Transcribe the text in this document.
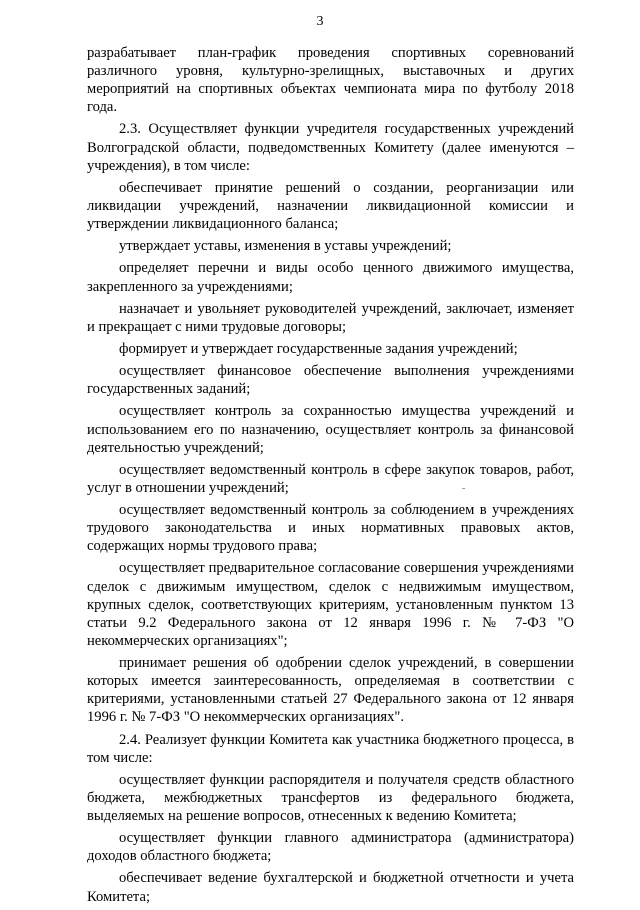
3

разрабатывает план-график проведения спортивных соревнований различного уровня, культурно-зрелищных, выставочных и других мероприятий на спортивных объектах чемпионата мира по футболу 2018 года.

2.3. Осуществляет функции учредителя государственных учреждений Волгоградской области, подведомственных Комитету (далее именуются – учреждения), в том числе:

обеспечивает принятие решений о создании, реорганизации или ликвидации учреждений, назначении ликвидационной комиссии и утверждении ликвидационного баланса;

утверждает уставы, изменения в уставы учреждений;

определяет перечни и виды особо ценного движимого имущества, закрепленного за учреждениями;

назначает и увольняет руководителей учреждений, заключает, изменяет и прекращает с ними трудовые договоры;

формирует и утверждает государственные задания учреждений;

осуществляет финансовое обеспечение выполнения учреждениями государственных заданий;

осуществляет контроль за сохранностью имущества учреждений и использованием его по назначению, осуществляет контроль за финансовой деятельностью учреждений;

осуществляет ведомственный контроль в сфере закупок товаров, работ, услуг в отношении учреждений;

осуществляет ведомственный контроль за соблюдением в учреждениях трудового законодательства и иных нормативных правовых актов, содержащих нормы трудового права;

осуществляет предварительное согласование совершения учреждениями сделок с движимым имуществом, сделок с недвижимым имуществом, крупных сделок, соответствующих критериям, установленным пунктом 13 статьи 9.2 Федерального закона от 12 января 1996 г. № 7-ФЗ "О некоммерческих организациях";

принимает решения об одобрении сделок учреждений, в совершении которых имеется заинтересованность, определяемая в соответствии с критериями, установленными статьей 27 Федерального закона от 12 января 1996 г. № 7-ФЗ "О некоммерческих организациях".

2.4. Реализует функции Комитета как участника бюджетного процесса, в том числе:

осуществляет функции распорядителя и получателя средств областного бюджета, межбюджетных трансфертов из федерального бюджета, выделяемых на решение вопросов, отнесенных к ведению Комитета;

осуществляет функции главного администратора (администратора) доходов областного бюджета;

обеспечивает ведение бухгалтерской и бюджетной отчетности и учета Комитета;

-
